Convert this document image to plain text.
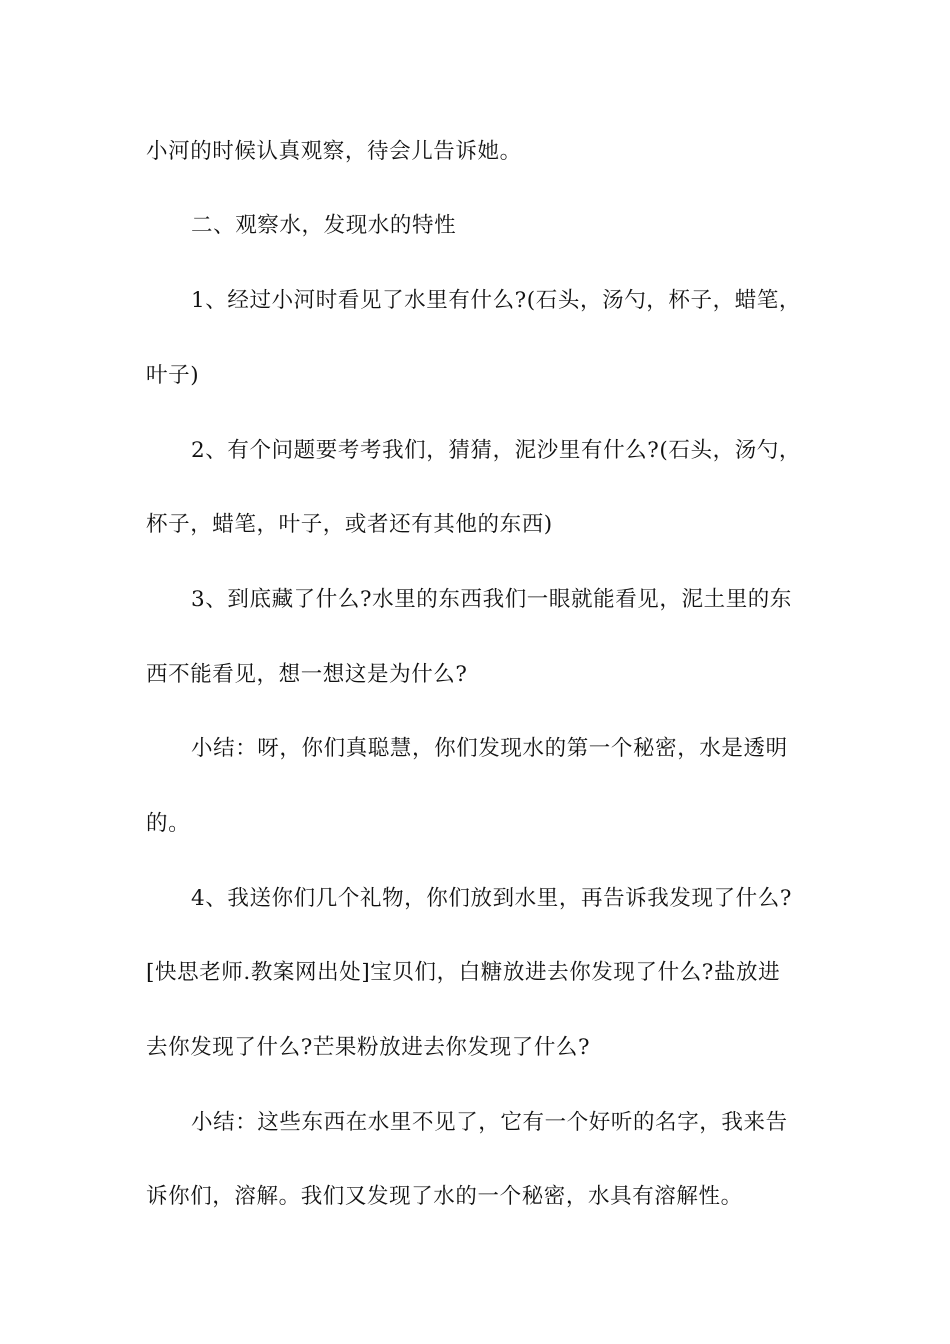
小河的时候认真观察，待会儿告诉她。
二、观察水，发现水的特性
1、经过小河时看见了水里有什么?(石头，汤勺，杯子，蜡笔，
叶子)
2、有个问题要考考我们，猜猜，泥沙里有什么?(石头，汤勺，
杯子，蜡笔，叶子，或者还有其他的东西)
3、到底藏了什么?水里的东西我们一眼就能看见，泥土里的东
西不能看见，想一想这是为什么?
小结：呀，你们真聪慧，你们发现水的第一个秘密，水是透明
的。
4、我送你们几个礼物，你们放到水里，再告诉我发现了什么?
[快思老师.教案网出处]宝贝们，白糖放进去你发现了什么?盐放进
去你发现了什么?芒果粉放进去你发现了什么?
小结：这些东西在水里不见了，它有一个好听的名字，我来告
诉你们，溶解。我们又发现了水的一个秘密，水具有溶解性。
